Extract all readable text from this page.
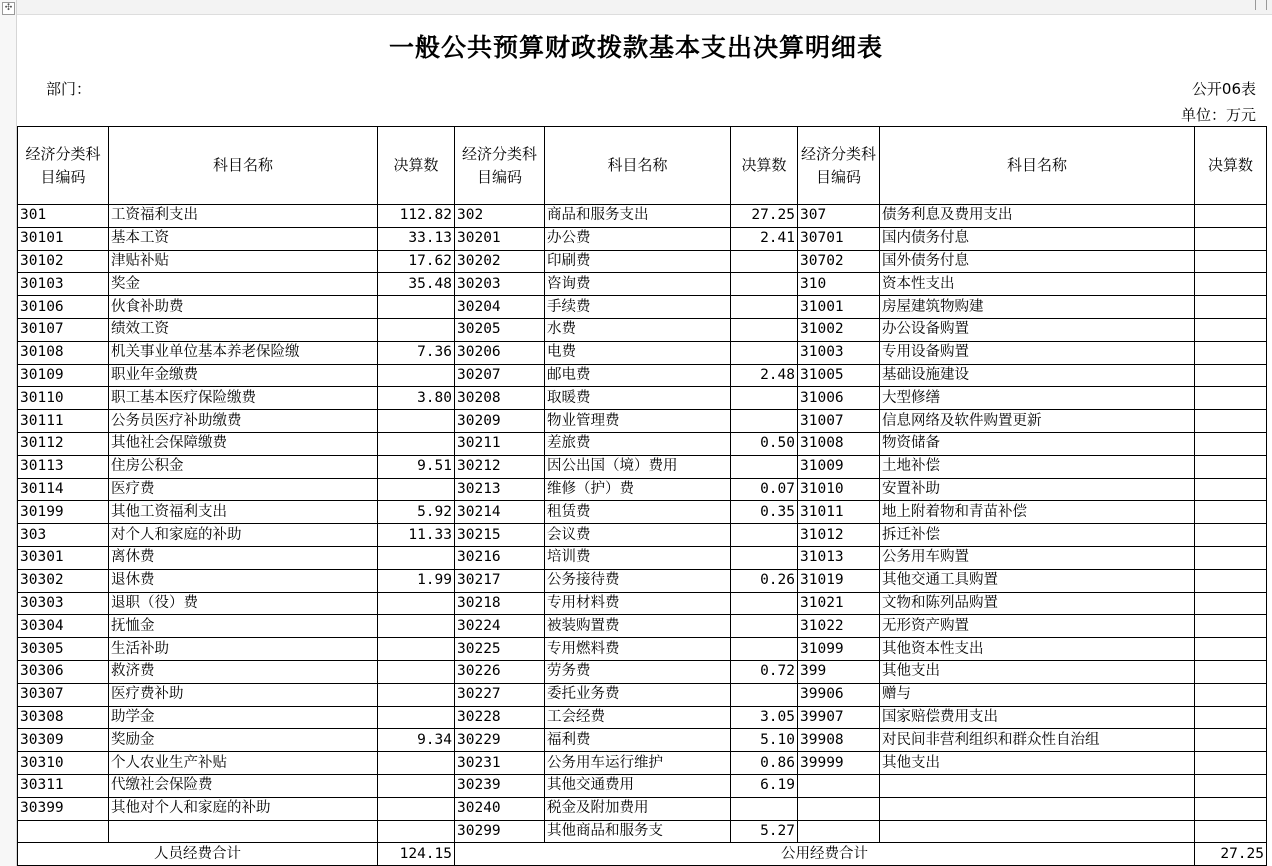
✣
一般公共预算财政拨款基本支出决算明细表
部门：	公开06表
单位：万元
经济分类科目编码	科目名称	决算数	经济分类科目编码	科目名称	决算数	经济分类科目编码	科目名称	决算数
301	工资福利支出	112.82	302	商品和服务支出	27.25	307	债务利息及费用支出	
30101	基本工资	33.13	30201	办公费	2.41	30701	国内债务付息	
30102	津贴补贴	17.62	30202	印刷费		30702	国外债务付息	
30103	奖金	35.48	30203	咨询费		310	资本性支出	
30106	伙食补助费		30204	手续费		31001	房屋建筑物购建	
30107	绩效工资		30205	水费		31002	办公设备购置	
30108	机关事业单位基本养老保险缴	7.36	30206	电费		31003	专用设备购置	
30109	职业年金缴费		30207	邮电费	2.48	31005	基础设施建设	
30110	职工基本医疗保险缴费	3.80	30208	取暖费		31006	大型修缮	
30111	公务员医疗补助缴费		30209	物业管理费		31007	信息网络及软件购置更新	
30112	其他社会保障缴费		30211	差旅费	0.50	31008	物资储备	
30113	住房公积金	9.51	30212	因公出国（境）费用		31009	土地补偿	
30114	医疗费		30213	维修（护）费	0.07	31010	安置补助	
30199	其他工资福利支出	5.92	30214	租赁费	0.35	31011	地上附着物和青苗补偿	
303	对个人和家庭的补助	11.33	30215	会议费		31012	拆迁补偿	
30301	离休费		30216	培训费		31013	公务用车购置	
30302	退休费	1.99	30217	公务接待费	0.26	31019	其他交通工具购置	
30303	退职（役）费		30218	专用材料费		31021	文物和陈列品购置	
30304	抚恤金		30224	被装购置费		31022	无形资产购置	
30305	生活补助		30225	专用燃料费		31099	其他资本性支出	
30306	救济费		30226	劳务费	0.72	399	其他支出	
30307	医疗费补助		30227	委托业务费		39906	赠与	
30308	助学金		30228	工会经费	3.05	39907	国家赔偿费用支出	
30309	奖励金	9.34	30229	福利费	5.10	39908	对民间非营利组织和群众性自治组	
30310	个人农业生产补贴		30231	公务用车运行维护	0.86	39999	其他支出	
30311	代缴社会保险费		30239	其他交通费用	6.19			
30399	其他对个人和家庭的补助		30240	税金及附加费用				
			30299	其他商品和服务支	5.27			
人员经费合计		124.15	公用经费合计					27.25
